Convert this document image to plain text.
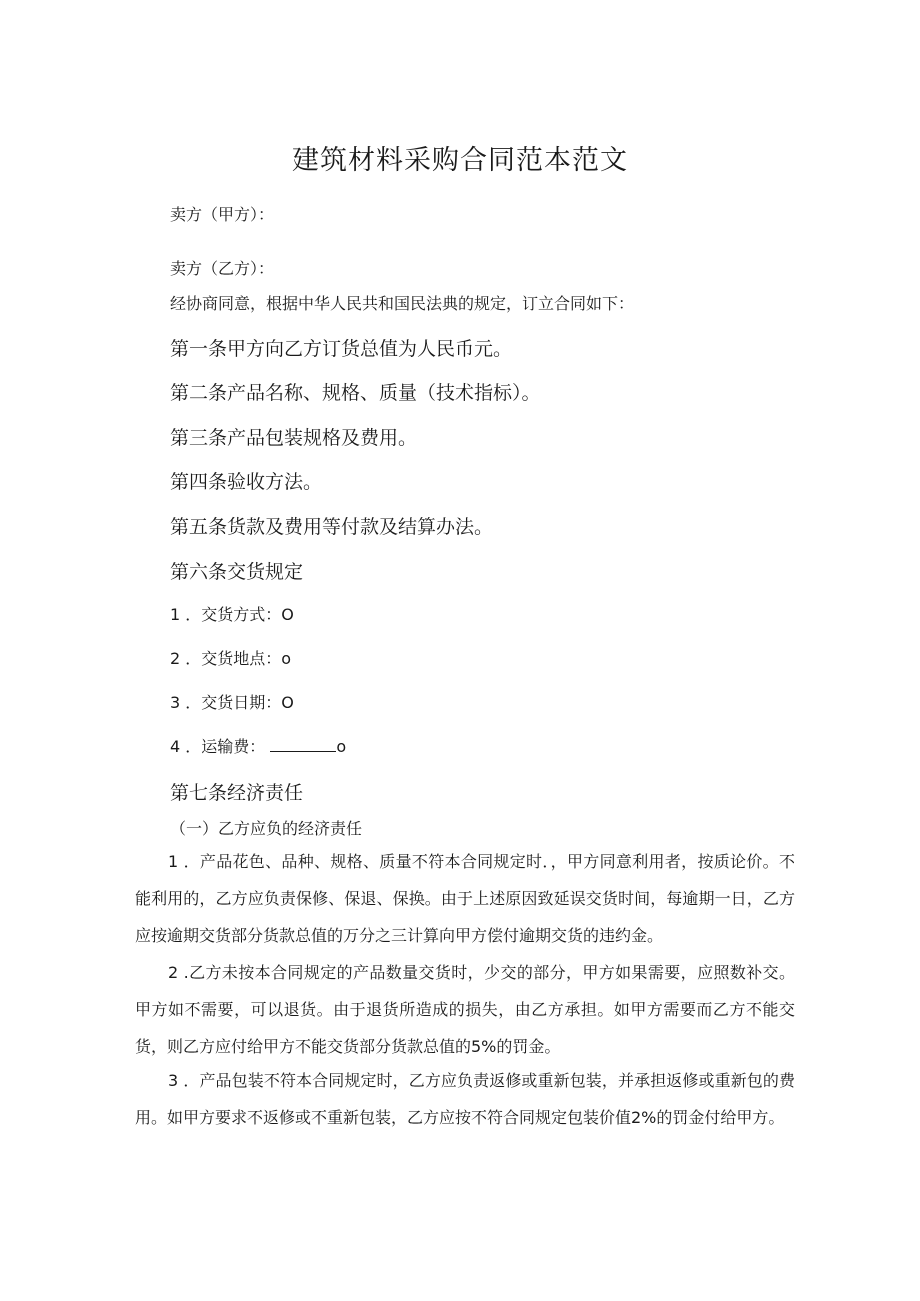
建筑材料采购合同范本范文
卖方（甲方）：
卖方（乙方）：
经协商同意，根据中华人民共和国民法典的规定，订立合同如下：
第一条甲方向乙方订货总值为人民币元。
第二条产品名称、规格、质量（技术指标）。
第三条产品包装规格及费用。
第四条验收方法。
第五条货款及费用等付款及结算办法。
第六条交货规定
1 ．交货方式：O
2 ．交货地点：o
3 ．交货日期：O
4 ．运输费：	o
第七条经济责任
（一）乙方应负的经济责任
1 ．产品花色、品种、规格、质量不符本合同规定时．，甲方同意利用者，按质论价。不能利用的，乙方应负责保修、保退、保换。由于上述原因致延误交货时间，每逾期一日，乙方应按逾期交货部分货款总值的万分之三计算向甲方偿付逾期交货的违约金。
2 .乙方未按本合同规定的产品数量交货时，少交的部分，甲方如果需要，应照数补交。甲方如不需要，可以退货。由于退货所造成的损失，由乙方承担。如甲方需要而乙方不能交货，则乙方应付给甲方不能交货部分货款总值的5%的罚金。
3 ．产品包装不符本合同规定时，乙方应负责返修或重新包装，并承担返修或重新包的费用。如甲方要求不返修或不重新包装，乙方应按不符合同规定包装价值2%的罚金付给甲方。
